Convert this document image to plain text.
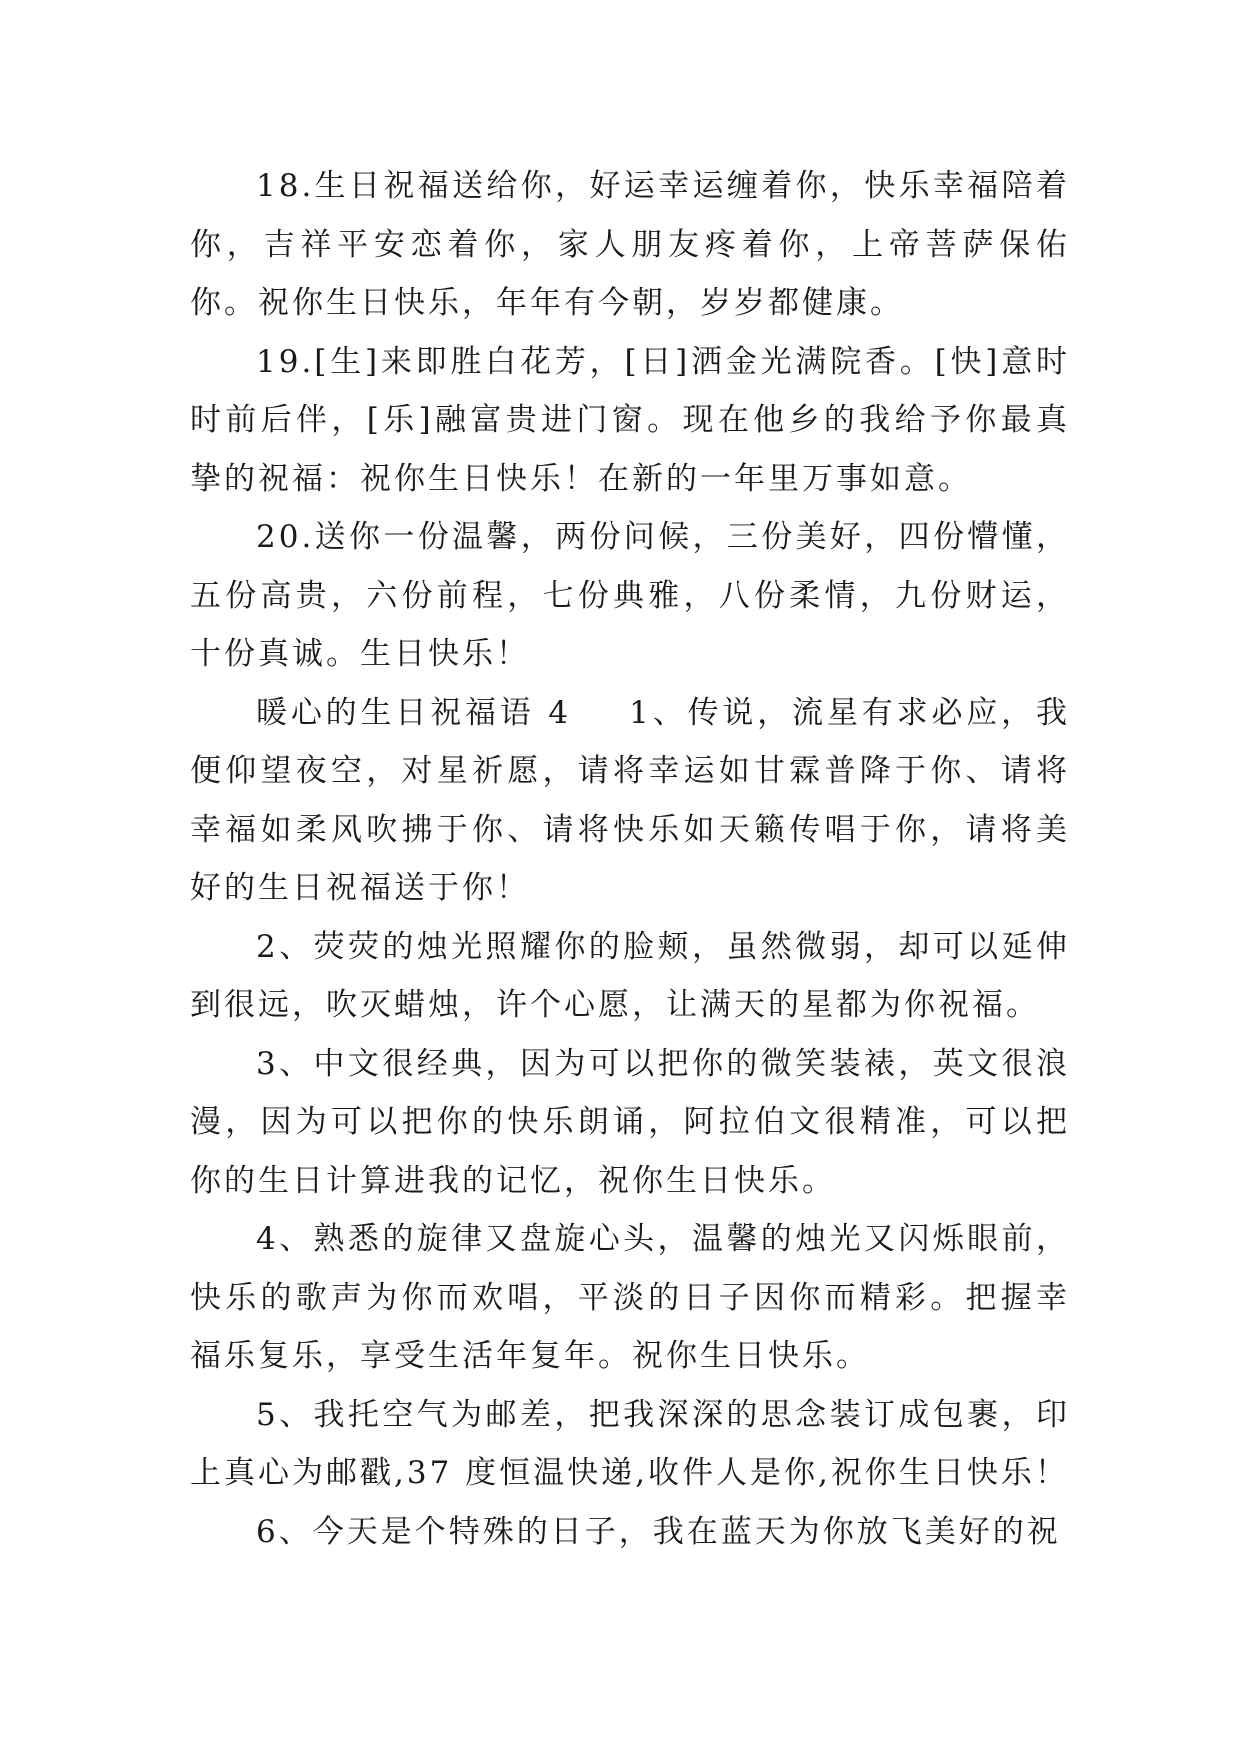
18.生日祝福送给你，好运幸运缠着你，快乐幸福陪着你，吉祥平安恋着你，家人朋友疼着你，上帝菩萨保佑你。祝你生日快乐，年年有今朝，岁岁都健康。

19.[生]来即胜白花芳，[日]洒金光满院香。[快]意时时前后伴，[乐]融富贵进门窗。现在他乡的我给予你最真挚的祝福：祝你生日快乐！在新的一年里万事如意。

20.送你一份温馨，两份问候，三份美好，四份懵懂，五份高贵，六份前程，七份典雅，八份柔情，九份财运，十份真诚。生日快乐！

暖心的生日祝福语 4 1、传说，流星有求必应，我便仰望夜空，对星祈愿，请将幸运如甘霖普降于你、请将幸福如柔风吹拂于你、请将快乐如天籁传唱于你，请将美好的生日祝福送于你！

2、荧荧的烛光照耀你的脸颊，虽然微弱，却可以延伸到很远，吹灭蜡烛，许个心愿，让满天的星都为你祝福。

3、中文很经典，因为可以把你的微笑装裱，英文很浪漫，因为可以把你的快乐朗诵，阿拉伯文很精准，可以把你的生日计算进我的记忆，祝你生日快乐。

4、熟悉的旋律又盘旋心头，温馨的烛光又闪烁眼前，快乐的歌声为你而欢唱，平淡的日子因你而精彩。把握幸福乐复乐，享受生活年复年。祝你生日快乐。

5、我托空气为邮差，把我深深的思念装订成包裹，印上真心为邮戳,37 度恒温快递,收件人是你,祝你生日快乐！

6、今天是个特殊的日子，我在蓝天为你放飞美好的祝
